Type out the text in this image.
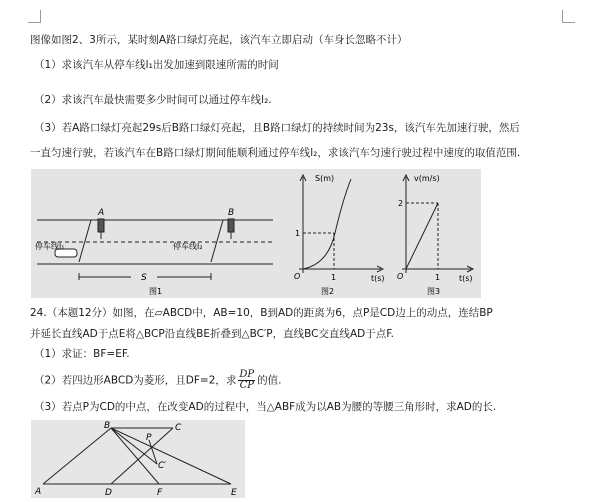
图像如图2、3所示，某时刻A路口绿灯亮起，该汽车立即启动（车身长忽略不计）
（1）求该汽车从停车线l₁出发加速到限速所需的时间
（2）求该汽车最快需要多少时间可以通过停车线l₂.
（3）若A路口绿灯亮起29s后B路口绿灯亮起，且B路口绿灯的持续时间为23s，该汽车先加速行驶，然后
一直匀速行驶，若该汽车在B路口绿灯期间能顺利通过停车线l₂，求该汽车匀速行驶过程中速度的取值范围.
A	B
停车线l₁	停车线l₂
S
图1
S(m)
t(s)
1
1
O
图2
v(m/s)
t(s)
2
1
O
图3
24.（本题12分）如图，在▱ABCD中，AB=10，B到AD的距离为6，点P是CD边上的动点，连结BP
并延长直线AD于点E将△BCP沿直线BE折叠到△BC′P，直线BC交直线AD于点F.
（1）求证：BF=EF.
（2）若四边形ABCD为菱形，且DF=2，求 $\frac{DP}{CP}$ 的值.
（3）若点P为CD的中点，在改变AD的过程中，当△ABF成为以AB为腰的等腰三角形时，求AD的长.
A
B	C
P
C′
D	F	E
